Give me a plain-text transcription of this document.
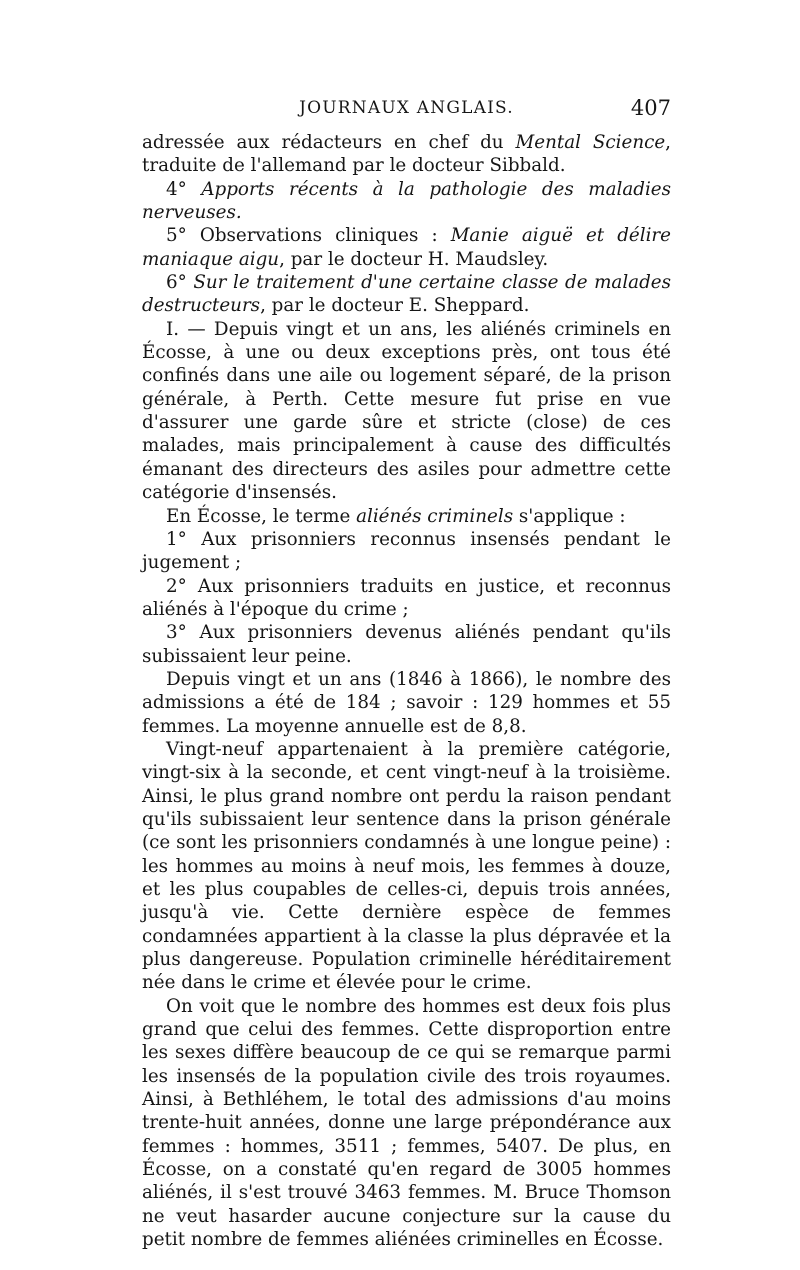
JOURNAUX ANGLAIS.	407

adressée aux rédacteurs en chef du Mental Science, traduite de l'allemand par le docteur Sibbald.

4° Apports récents à la pathologie des maladies nerveuses.

5° Observations cliniques : Manie aiguë et délire maniaque aigu, par le docteur H. Maudsley.

6° Sur le traitement d'une certaine classe de malades destructeurs, par le docteur E. Sheppard.

I. — Depuis vingt et un ans, les aliénés criminels en Écosse, à une ou deux exceptions près, ont tous été confinés dans une aile ou logement séparé, de la prison générale, à Perth. Cette mesure fut prise en vue d'assurer une garde sûre et stricte (close) de ces malades, mais principalement à cause des difficultés émanant des directeurs des asiles pour admettre cette catégorie d'insensés.

En Écosse, le terme aliénés criminels s'applique :

1° Aux prisonniers reconnus insensés pendant le jugement ;

2° Aux prisonniers traduits en justice, et reconnus aliénés à l'époque du crime ;

3° Aux prisonniers devenus aliénés pendant qu'ils subissaient leur peine.

Depuis vingt et un ans (1846 à 1866), le nombre des admissions a été de 184 ; savoir : 129 hommes et 55 femmes. La moyenne annuelle est de 8,8.

Vingt-neuf appartenaient à la première catégorie, vingt-six à la seconde, et cent vingt-neuf à la troisième. Ainsi, le plus grand nombre ont perdu la raison pendant qu'ils subissaient leur sentence dans la prison générale (ce sont les prisonniers condamnés à une longue peine) : les hommes au moins à neuf mois, les femmes à douze, et les plus coupables de celles-ci, depuis trois années, jusqu'à vie. Cette dernière espèce de femmes condamnées appartient à la classe la plus dépravée et la plus dangereuse. Population criminelle héréditairement née dans le crime et élevée pour le crime.

On voit que le nombre des hommes est deux fois plus grand que celui des femmes. Cette disproportion entre les sexes diffère beaucoup de ce qui se remarque parmi les insensés de la population civile des trois royaumes. Ainsi, à Bethléhem, le total des admissions d'au moins trente-huit années, donne une large prépondérance aux femmes : hommes, 3511 ; femmes, 5407. De plus, en Écosse, on a constaté qu'en regard de 3005 hommes aliénés, il s'est trouvé 3463 femmes. M. Bruce Thomson ne veut hasarder aucune conjecture sur la cause du petit nombre de femmes aliénées criminelles en Écosse.
